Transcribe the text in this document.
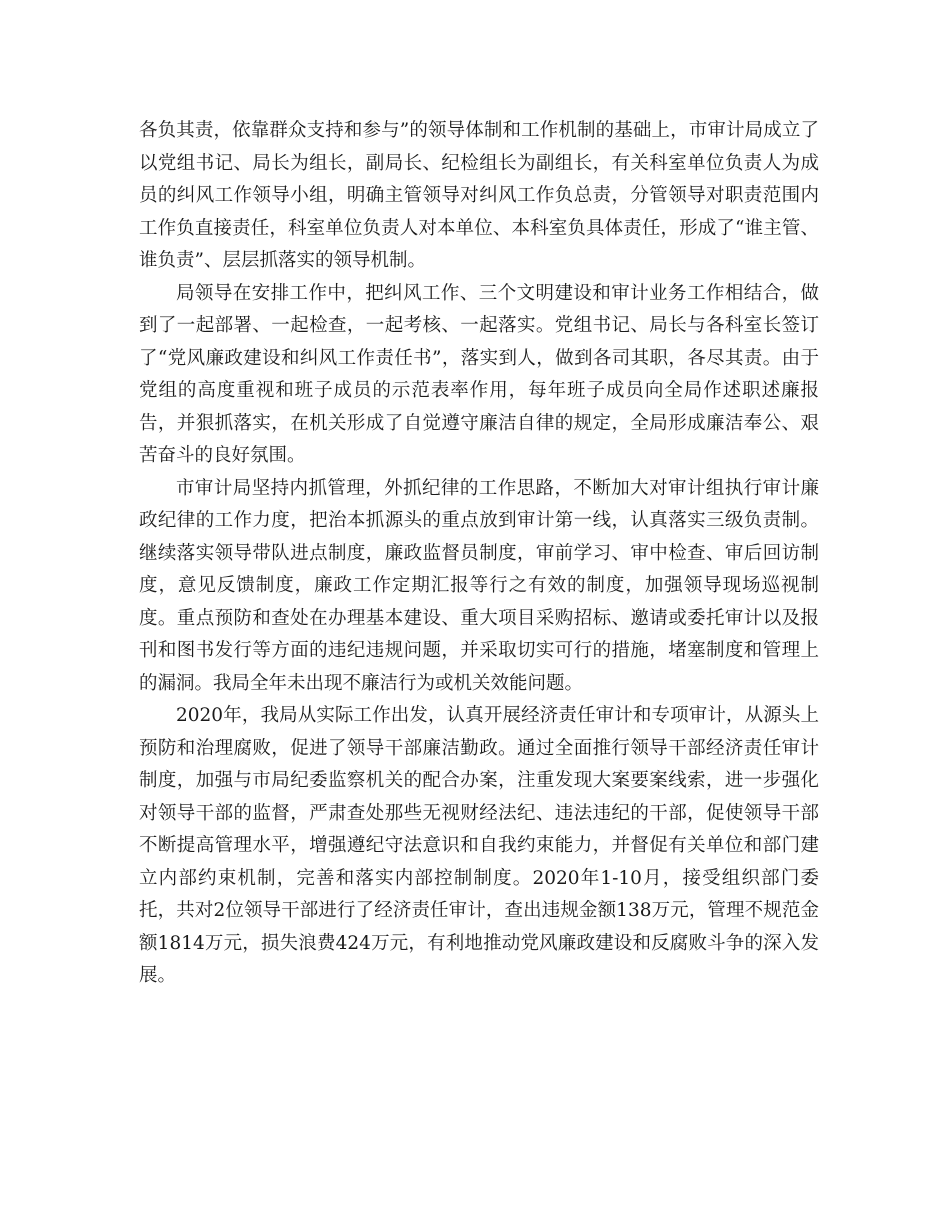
各负其责，依靠群众支持和参与”的领导体制和工作机制的基础上，市审计局成立了以党组书记、局长为组长，副局长、纪检组长为副组长，有关科室单位负责人为成员的纠风工作领导小组，明确主管领导对纠风工作负总责，分管领导对职责范围内工作负直接责任，科室单位负责人对本单位、本科室负具体责任，形成了“谁主管、谁负责”、层层抓落实的领导机制。

局领导在安排工作中，把纠风工作、三个文明建设和审计业务工作相结合，做到了一起部署、一起检查，一起考核、一起落实。党组书记、局长与各科室长签订了“党风廉政建设和纠风工作责任书”，落实到人，做到各司其职，各尽其责。由于党组的高度重视和班子成员的示范表率作用，每年班子成员向全局作述职述廉报告，并狠抓落实，在机关形成了自觉遵守廉洁自律的规定，全局形成廉洁奉公、艰苦奋斗的良好氛围。

市审计局坚持内抓管理，外抓纪律的工作思路，不断加大对审计组执行审计廉政纪律的工作力度，把治本抓源头的重点放到审计第一线，认真落实三级负责制。继续落实领导带队进点制度，廉政监督员制度，审前学习、审中检查、审后回访制度，意见反馈制度，廉政工作定期汇报等行之有效的制度，加强领导现场巡视制度。重点预防和查处在办理基本建设、重大项目采购招标、邀请或委托审计以及报刊和图书发行等方面的违纪违规问题，并采取切实可行的措施，堵塞制度和管理上的漏洞。我局全年未出现不廉洁行为或机关效能问题。

2020年，我局从实际工作出发，认真开展经济责任审计和专项审计，从源头上预防和治理腐败，促进了领导干部廉洁勤政。通过全面推行领导干部经济责任审计制度，加强与市局纪委监察机关的配合办案，注重发现大案要案线索，进一步强化对领导干部的监督，严肃查处那些无视财经法纪、违法违纪的干部，促使领导干部不断提高管理水平，增强遵纪守法意识和自我约束能力，并督促有关单位和部门建立内部约束机制，完善和落实内部控制制度。2020年1-10月，接受组织部门委托，共对2位领导干部进行了经济责任审计，查出违规金额138万元，管理不规范金额1814万元，损失浪费424万元，有利地推动党风廉政建设和反腐败斗争的深入发展。
